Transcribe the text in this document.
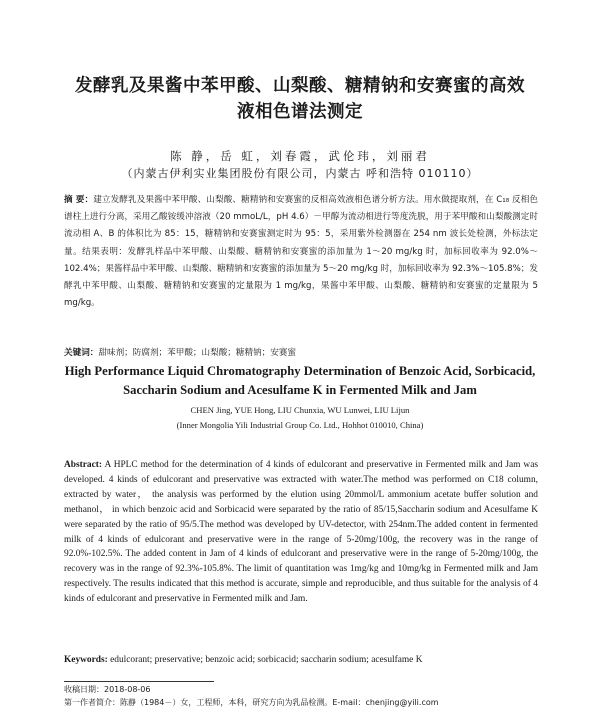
发酵乳及果酱中苯甲酸、山梨酸、糖精钠和安赛蜜的高效
液相色谱法测定
陈 静，岳 虹，刘春霞，武伦玮，刘丽君
（内蒙古伊利实业集团股份有限公司，内蒙古 呼和浩特 010110）
摘 要：建立发酵乳及果酱中苯甲酸、山梨酸、糖精钠和安赛蜜的反相高效液相色谱分析方法。用水做提取剂，在 C₁₈ 反相色谱柱上进行分离，采用乙酸铵缓冲溶液（20 mmoL/L，pH 4.6）－甲醇为流动相进行等度洗脱，用于苯甲酸和山梨酸测定时流动相 A、B 的体积比为 85：15，糖精钠和安赛蜜测定时为 95：5，采用紫外检测器在 254 nm 波长处检测，外标法定量。结果表明：发酵乳样品中苯甲酸、山梨酸、糖精钠和安赛蜜的添加量为 1～20 mg/kg 时，加标回收率为 92.0%～102.4%；果酱样品中苯甲酸、山梨酸、糖精钠和安赛蜜的添加量为 5～20 mg/kg 时，加标回收率为 92.3%～105.8%；发酵乳中苯甲酸、山梨酸、糖精钠和安赛蜜的定量限为 1 mg/kg，果酱中苯甲酸、山梨酸、糖精钠和安赛蜜的定量限为 5 mg/kg。
关键词：甜味剂；防腐剂；苯甲酸；山梨酸；糖精钠；安赛蜜
High Performance Liquid Chromatography Determination of Benzoic Acid, Sorbicacid,
Saccharin Sodium and Acesulfame K in Fermented Milk and Jam
CHEN Jing, YUE Hong, LIU Chunxia, WU Lunwei, LIU Lijun
(Inner Mongolia Yili Industrial Group Co. Ltd., Hohhot 010010, China)
Abstract: A HPLC method for the determination of 4 kinds of edulcorant and preservative in Fermented milk and Jam was developed. 4 kinds of edulcorant and preservative was extracted with water.The method was performed on C18 column, extracted by water， the analysis was performed by the elution using 20mmol/L ammonium acetate buffer solution and methanol， in which benzoic acid and Sorbicacid were separated by the ratio of 85/15,Saccharin sodium and Acesulfame K were separated by the ratio of 95/5.The method was developed by UV-detector, with 254nm.The added content in fermented milk of 4 kinds of edulcorant and preservative were in the range of 5-20mg/100g, the recovery was in the range of 92.0%-102.5%. The added content in Jam of 4 kinds of edulcorant and preservative were in the range of 5-20mg/100g, the recovery was in the range of 92.3%-105.8%. The limit of quantitation was 1mg/kg and 10mg/kg in Fermented milk and Jam respectively. The results indicated that this method is accurate, simple and reproducible, and thus suitable for the analysis of 4 kinds of edulcorant and preservative in Fermented milk and Jam.
Keywords: edulcorant; preservative; benzoic acid; sorbicacid; saccharin sodium; acesulfame K
收稿日期：2018-08-06
第一作者简介：陈静（1984－）女，工程师，本科，研究方向为乳品检测。E-mail：chenjing@yili.com
